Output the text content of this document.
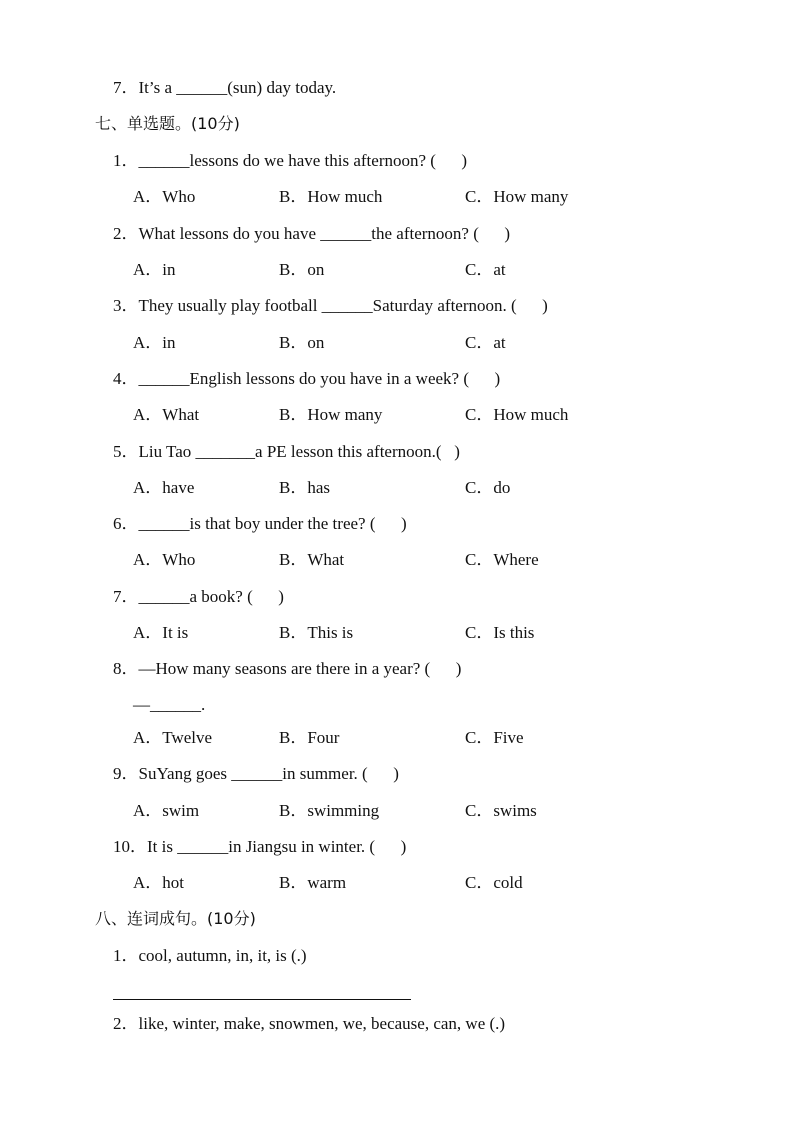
7．It’s a ______(sun) day today.
七、单选题。(10分)
1．______lessons do we have this afternoon? (      )
A．Who	B．How much	C．How many
2．What lessons do you have ______the afternoon? (      )
A．in	B．on	C．at
3．They usually play football ______Saturday afternoon. (      )
A．in	B．on	C．at
4．______English lessons do you have in a week? (      )
A．What	B．How many	C．How much
5．Liu Tao _______a PE lesson this afternoon.(   )
A．have	B．has	C．do
6．______is that boy under the tree? (      )
A．Who	B．What	C．Where
7．______a book? (      )
A．It is	B．This is	C．Is this
8．—How many seasons are there in a year? (      )
—______.
A．Twelve	B．Four	C．Five
9．SuYang goes ______in summer. (      )
A．swim	B．swimming	C．swims
10．It is ______in Jiangsu in winter. (      )
A．hot	B．warm	C．cold
八、连词成句。(10分)
1．cool, autumn, in, it, is (.)
2．like, winter, make, snowmen, we, because, can, we (.)
